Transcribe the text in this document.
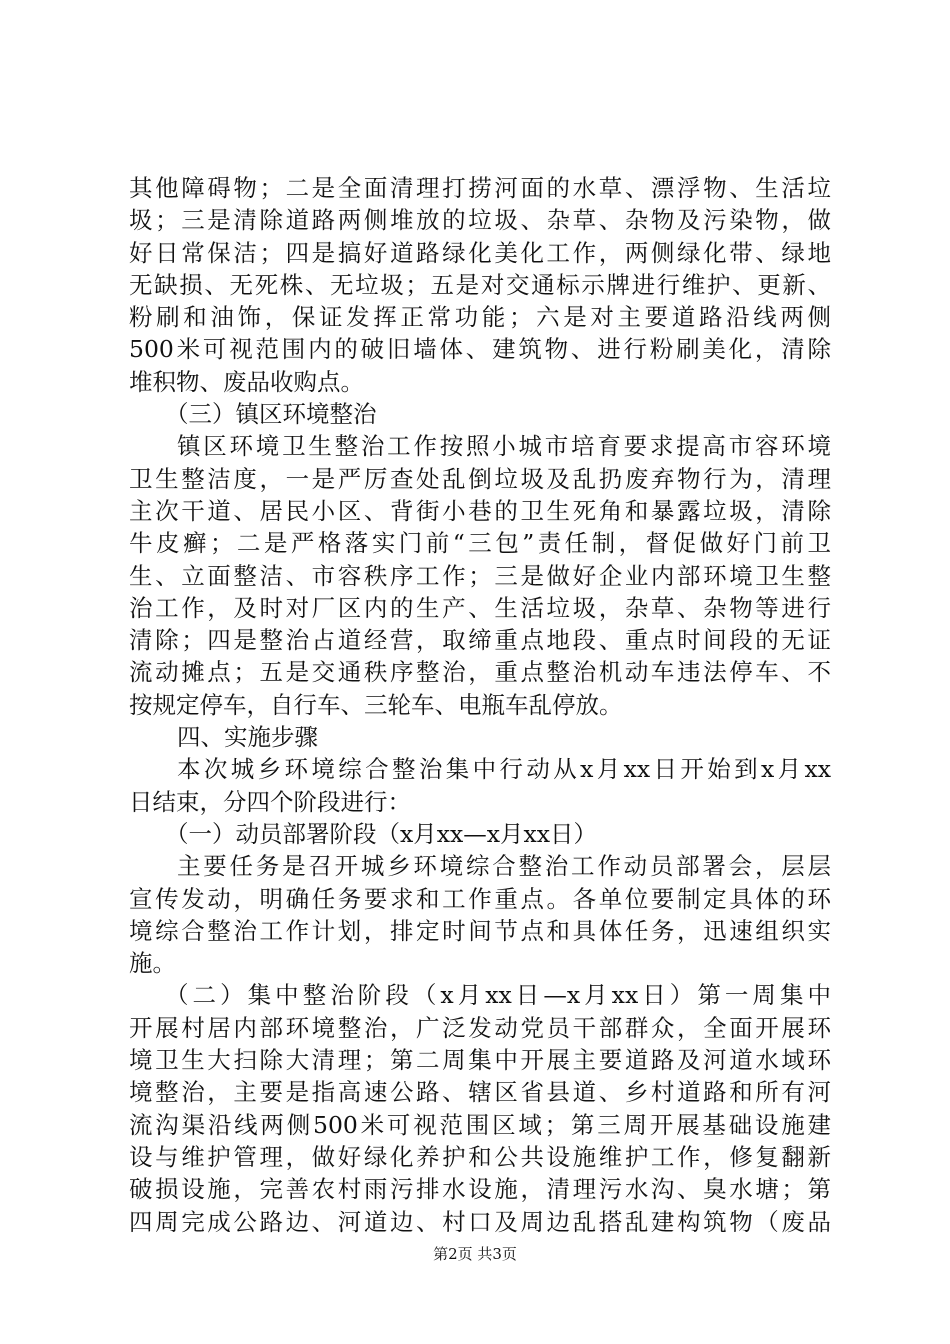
其他障碍物；二是全面清理打捞河面的水草、漂浮物、生活垃
圾；三是清除道路两侧堆放的垃圾、杂草、杂物及污染物，做
好日常保洁；四是搞好道路绿化美化工作，两侧绿化带、绿地
无缺损、无死株、无垃圾；五是对交通标示牌进行维护、更新、
粉刷和油饰，保证发挥正常功能；六是对主要道路沿线两侧
500米可视范围内的破旧墙体、建筑物、进行粉刷美化，清除
堆积物、废品收购点。
（三）镇区环境整治
镇区环境卫生整治工作按照小城市培育要求提高市容环境
卫生整洁度，一是严厉查处乱倒垃圾及乱扔废弃物行为，清理
主次干道、居民小区、背街小巷的卫生死角和暴露垃圾，清除
牛皮癣；二是严格落实门前“三包”责任制，督促做好门前卫
生、立面整洁、市容秩序工作；三是做好企业内部环境卫生整
治工作，及时对厂区内的生产、生活垃圾，杂草、杂物等进行
清除；四是整治占道经营，取缔重点地段、重点时间段的无证
流动摊点；五是交通秩序整治，重点整治机动车违法停车、不
按规定停车，自行车、三轮车、电瓶车乱停放。
四、实施步骤
本次城乡环境综合整治集中行动从x月xx日开始到x月xx
日结束，分四个阶段进行：
（一）动员部署阶段（x月xx—x月xx日）
主要任务是召开城乡环境综合整治工作动员部署会，层层
宣传发动，明确任务要求和工作重点。各单位要制定具体的环
境综合整治工作计划，排定时间节点和具体任务，迅速组织实
施。
（二）集中整治阶段（x月xx日—x月xx日）第一周集中
开展村居内部环境整治，广泛发动党员干部群众，全面开展环
境卫生大扫除大清理；第二周集中开展主要道路及河道水域环
境整治，主要是指高速公路、辖区省县道、乡村道路和所有河
流沟渠沿线两侧500米可视范围区域；第三周开展基础设施建
设与维护管理，做好绿化养护和公共设施维护工作，修复翻新
破损设施，完善农村雨污排水设施，清理污水沟、臭水塘；第
四周完成公路边、河道边、村口及周边乱搭乱建构筑物（废品
第2页 共3页
